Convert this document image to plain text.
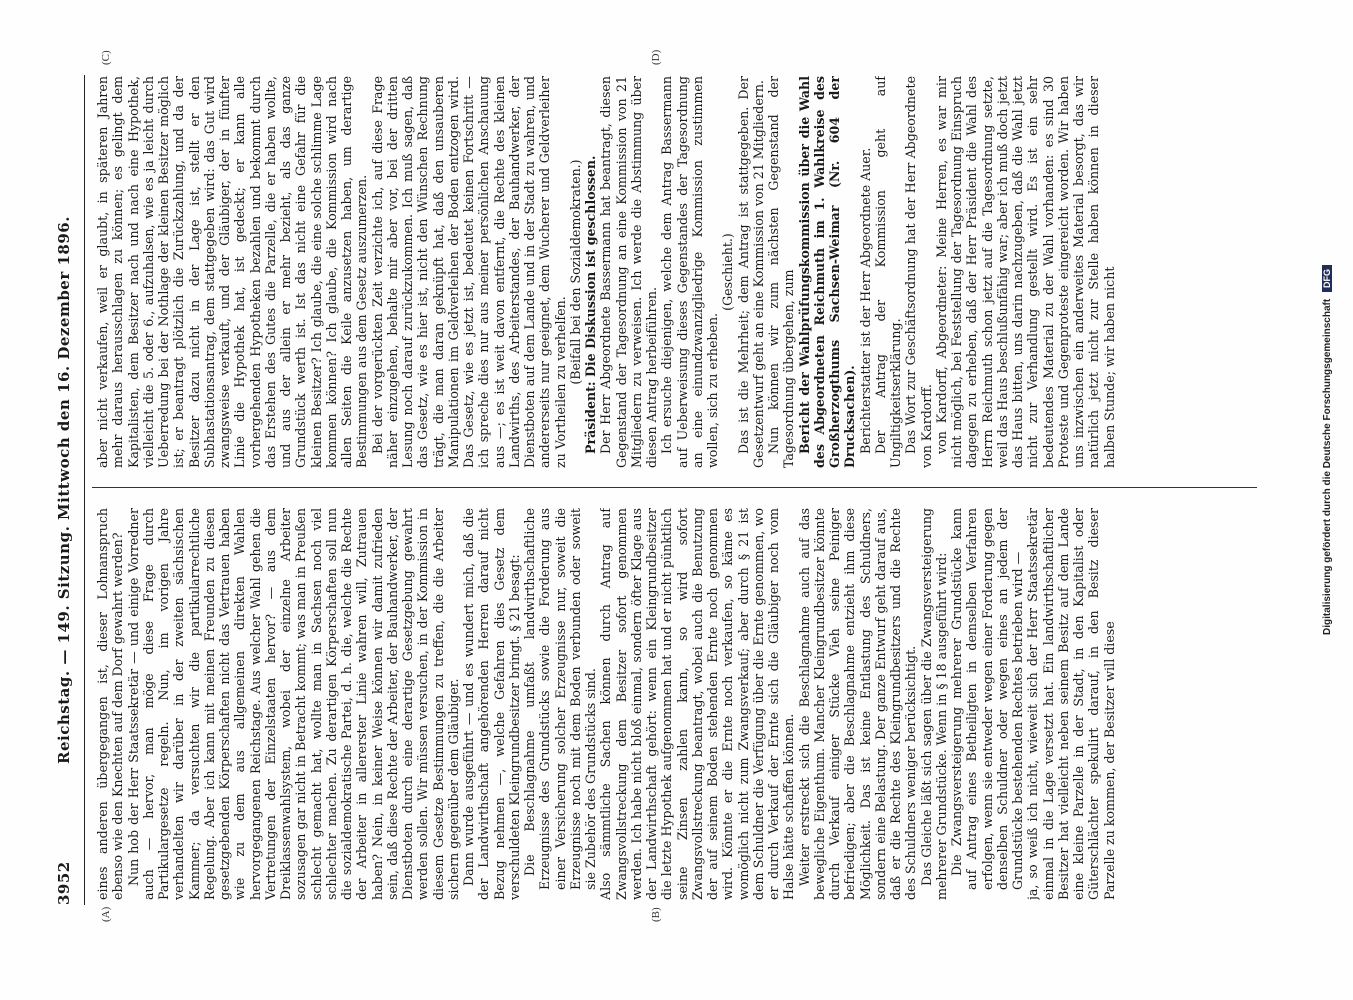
3952
Reichstag. — 149. Sitzung. Mittwoch den 16. Dezember 1896. eines anderen übergegangen ist, dieser Lohnanspruch ebenso wie den Knechten auf dem Dorf gewahrt werden? Nun hob der Herr Staatssekretär — und einige Vorredner auch — hervor, man möge diese Frage durch Partikulargesetze regeln. Nun, im vorigen Jahre verhandelten wir darüber in der zweiten sächsischen Kammer; da versuchten wir die partikularrechtliche Regelung. Aber ich kann mit meinen Freunden zu diesen gesetzgebenden Körperschaften nicht das Vertrauen haben wie zu dem aus allgemeinen direkten Wahlen hervorgegangenen Reichstage. Aus welcher Wahl gehen die Vertretungen der Einzelstaaten hervor? — aus dem Dreiklassenwahlsystem, wobei der einzelne Arbeiter sozusagen gar nicht in Betracht kommt; was man in Preußen schlecht gemacht hat, wollte man in Sachsen noch viel schlechter machen. Zu derartigen Körperschaften soll nun die sozialdemokratische Partei, d. h. die, welche die Rechte der Arbeiter in allererster Linie wahren will, Zutrauen haben? Nein, in keiner Weise können wir damit zufrieden sein, daß diese Rechte der Arbeiter, der Bauhandwerker, der Dienstboten durch eine derartige Gesetzgebung gewahrt werden sollen. Wir müssen versuchen, in der Kommission in diesem Gesetze Bestimmungen zu treffen, die die Arbeiter sichern gegenüber dem Gläubiger. Dann wurde ausgeführt — und es wundert mich, daß die der Landwirthschaft angehörenden Herren darauf nicht Bezug nehmen —, welche Gefahren dies Gesetz dem verschuldeten Kleingrundbesitzer bringt. § 21 besagt: Die Beschlagnahme umfaßt landwirthschaftliche Erzeugnisse des Grundstücks sowie die Forderung aus einer Versicherung solcher Erzeugnisse nur, soweit die Erzeugnisse noch mit dem Boden verbunden oder soweit sie Zubehör des Grundstücks sind. Also sämmtliche Sachen können durch Antrag auf Zwangsvollstreckung dem Besitzer sofort genommen werden. Ich habe nicht bloß einmal, sondern öfter Klage aus der Landwirthschaft gehört: wenn ein Kleingrundbesitzer die letzte Hypothek aufgenommen hat und er nicht pünktlich seine Zinsen zahlen kann, so wird sofort Zwangsvollstreckung beantragt, wobei auch die Benutzung der auf seinem Boden stehenden Ernte noch genommen wird. Könnte er die Ernte noch verkaufen, so käme es womöglich nicht zum Zwangsverkauf; aber durch § 21 ist dem Schuldner die Verfügung über die Ernte genommen, wo er durch Verkauf der Ernte sich die Gläubiger noch vom Halse hätte schaffen können. Weiter erstreckt sich die Beschlagnahme auch auf das bewegliche Eigenthum. Mancher Kleingrundbesitzer könnte durch Verkauf einiger Stücke Vieh seine Peiniger befriedigen; aber die Beschlagnahme entzieht ihm diese Möglichkeit. Das ist keine Entlastung des Schuldners, sondern eine Belastung. Der ganze Entwurf geht darauf aus, daß er die Rechte des Kleingrundbesitzers und die Rechte des Schuldners weniger berücksichtigt. Das Gleiche läßt sich sagen über die Zwangsversteigerung mehrerer Grundstücke. Wenn in § 18 ausgeführt wird: Die Zwangsversteigerung mehrerer Grundstücke kann auf Antrag eines Betheiligten in demselben Verfahren erfolgen, wenn sie entweder wegen einer Forderung gegen denselben Schuldner oder wegen eines an jedem der Grundstücke bestehenden Rechtes betrieben wird — ja, so weiß ich nicht, wieweit sich der Herr Staatssekretär einmal in die Lage versetzt hat. Ein landwirthschaftlicher Besitzer hat vielleicht neben seinem Besitz auf dem Lande eine kleine Parzelle in der Stadt, in den Kapitalist oder Güterschlächter spekulirt darauf, in den Besitz dieser Parzelle zu kommen, der Besitzer will diese

aber nicht verkaufen, weil er glaubt, in späteren Jahren mehr daraus herausschlagen zu können; es gelingt dem Kapitalisten, dem Besitzer nach und nach eine Hypothek, vielleicht die 5. oder 6., aufzuhalsen, wie es ja leicht durch Ueberredung bei der Nothlage der kleinen Besitzer möglich ist; er beantragt plötzlich die Zurückzahlung, und da der Besitzer dazu nicht in der Lage ist, stellt er den Subhastationsantrag, dem stattgegeben wird: das Gut wird zwangsweise verkauft, und der Gläubiger, der in fünfter Linie die Hypothek hat, ist gedeckt; er kann alle vorhergehenden Hypotheken bezahlen und bekommt durch das Erstehen des Gutes die Parzelle, die er haben wollte, und aus der allein er mehr bezieht, als das ganze Grundstück werth ist. Ist das nicht eine Gefahr für die kleinen Besitzer? Ich glaube, die eine solche schlimme Lage kommen können? Ich glaube, die Kommission wird nach allen Seiten die Keile anzusetzen haben, um derartige Bestimmungen aus dem Gesetz auszumerzen. Bei der vorgerückten Zeit verzichte ich, auf diese Frage näher einzugehen, behalte mir aber vor, bei der dritten Lesung noch darauf zurückzukommen. Ich muß sagen, daß das Gesetz, wie es hier ist, nicht den Wünschen Rechnung trägt, die man daran geknüpft hat, daß den unsauberen Manipulationen im Geldverleihen der Boden entzogen wird. Das Gesetz, wie es jetzt ist, bedeutet keinen Fortschritt — ich spreche dies nur aus meiner persönlichen Anschauung aus —; es ist weit davon entfernt, die Rechte des kleinen Landwirths, des Arbeiterstandes, der Bauhandwerker, der Dienstboten auf dem Lande und in der Stadt zu wahren, und andererseits nur geeignet, dem Wucherer und Geldverleiher zu Vortheilen zu verhelfen. (Beifall bei den Sozialdemokraten.) Präsident: Die Diskussion ist geschlossen. Der Herr Abgeordnete Bassermann hat beantragt, diesen Gegenstand der Tagesordnung an eine Kommission von 21 Mitgliedern zu verweisen. Ich werde die Abstimmung über diesen Antrag herbeiführen. Ich ersuche diejenigen, welche dem Antrag Bassermann auf Ueberweisung dieses Gegenstandes der Tagesordnung an eine einundzwanzigliedrige Kommission zustimmen wollen, sich zu erheben.

(Geschieht.) Das ist die Mehrheit; dem Antrag ist stattgegeben. Der Gesetzentwurf geht an eine Kommission von 21 Mitgliedern. Nun können wir zum nächsten Gegenstand der Tagesordnung übergehen, zum Bericht der Wahlprüfungskommission über die Wahl des Abgeordneten Reichmuth im 1. Wahlkreise des Großherzogthums Sachsen-Weimar (Nr. 604 der Drucksachen). Berichterstatter ist der Herr Abgeordnete Auer. Der Antrag der Kommission geht auf Ungiltigkeitserklärung. Das Wort zur Geschäftsordnung hat der Herr Abgeordnete von Kardorff. von Kardorff, Abgeordneter: Meine Herren, es war mir nicht möglich, bei Feststellung der Tagesordnung Einspruch dagegen zu erheben, daß der Herr Präsident die Wahl des Herrn Reichmuth schon jetzt auf die Tagesordnung setzte, weil das Haus beschlußunfähig war; aber ich muß doch jetzt das Haus bitten, uns darin nachzugeben, daß die Wahl jetzt nicht zur Verhandlung gestellt wird. Es ist ein sehr bedeutendes Material zu der Wahl vorhanden: es sind 30 Proteste und Gegenproteste eingereicht worden. Wir haben uns inzwischen ein anderweites Material besorgt, das wir natürlich jetzt nicht zur Stelle haben können in dieser halben Stunde; wir haben nicht

(A)	(B)
(C)	(D)
Digitalisierung gefördert durch die Deutsche Forschungsgemeinschaft DFG
